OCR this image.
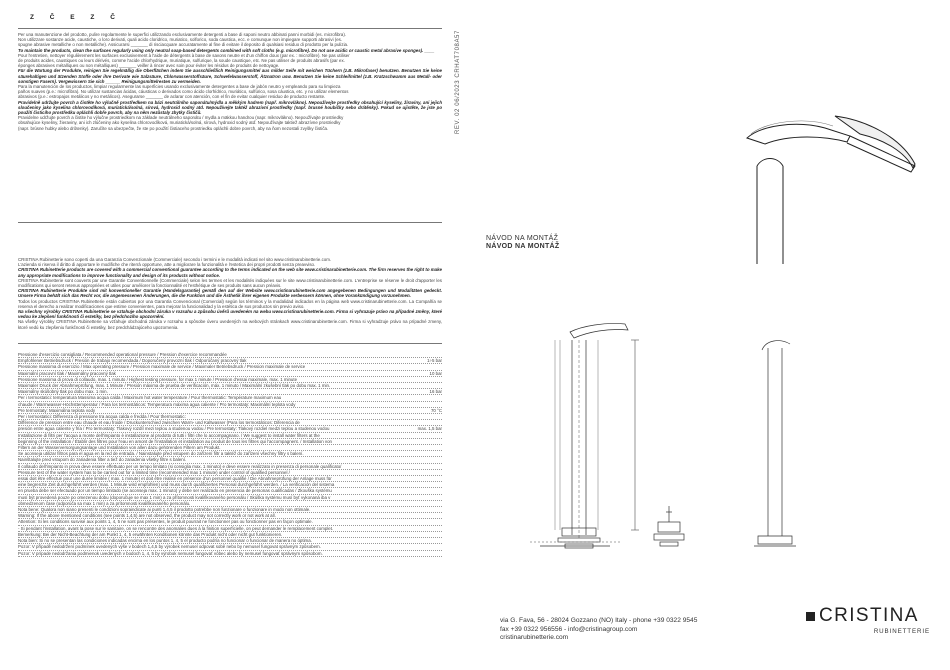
Z Č E Z Č

Per una manutenzione del prodotto, pulire regolarmente le superfici utilizzando esclusivamente detergenti a base di saponi neutro abbinati panni morbidi (es. microfibra).

Non utilizzare sostanze acide, caustiche, o loro derivati, quali acido cloridrico, muriatico, solforico, soda caustica, ecc. e comunque non impiegare supporti abrasivi (es.

spugne abrasive metalliche o non metalliche). Assicurarsi _______ di risciacquare accuratamente al fine di evitare il deposito di qualsiasi residuo di prodotto per la pulizia.

To maintain the products, clean the surfaces regularly using only neutral soap-based detergents combined with soft cloths (e.g. microfibre). Do not use acidic or caustic metal abrasive sponges). ____

Pour l'entretien, nettoyer régulièrement les surfaces exclusivement à l'aide de détergents à base de savons neutre et d'un chiffon doux (par ex. : microfibre). Ne pas utiliser

de produits acides, caustiques ou leurs dérivés, comme l'acide chlorhydrique, muriatique, sulfurique, la soude caustique, etc. Ne pas utiliser de produits abrasifs (par ex.

éponges abrasives métalliques ou non métalliques) _______ veiller à rincer avec soin pour éviter les résidus de produits de nettoyage.

Für die Wartung der Produkte, reinigen Sie regelmäßig die Oberflächen indem Sie ausschließlich Reinigungsmittel aus milder Seife mit weichen Tüchern (z.B. Mikrofaser) benutzen. Benutzen Sie keine säurehaltigen und ätzenden Stoffe oder ihre Derivate wie Salzsäure, Chlorwasserstoffsäure, Schwefelwasserstoff, Ätznatron usw. Benutzen Sie keine Schleifmittel (z.B. Kratzschwamm aus Metall- oder sonstigen Fasern). Vergewissern Sie sich ______ Reinigungsmittelresten zu vermeiden.

Para la manutención de los productos, limpiar regularmente las superficies usando exclusivamente detergentes a base de jabón neutro y empleando para su limpieza

paños suaves (p.e.: microfibra). No utilizar sustancias ácidas, cáusticas o derivados como ácido clorhídrico, muriático, sulfúrico, sosa cáustica, etc. y no utilizar elementos

abrasivos (p.e.: estropajos metálicos y no metálicos). Asegurarse _______ de aclarar con atención, con el fin de evitar cualquier residuo de producto restante.

Pravidelně udržujte povrch a čistěte ho výlučně prostředkem na bázi neutrálního saponátu/mýdla a měkkým hadrem (např. mikrovlákno). Nepoužívejte prostředky obsahující kyseliny, žíraviny, ani jejich sloučeniny jako kyselina chlorovodíková, muriatická/solná, sírová, hydroxid sodný atd. Nepoužívejte taktéž abrazivní prostředky (např. brusné houbičky nebo drátěnky). Pokud se ujistěte, že jste po použití čisticího prostředku opláchli dobře povrch, aby na něm nezůstaly zbytky čističů.

Pravidelne udržujte povrch a čistite ho výlučne prostriedkom na základe neutrálneho saponátu / mydla a mäkkou handrou (napr. mikrovlákno). Nepoužívajte prostriedky

obsahujúce kyseliny, žieraviny, ani ich zlúčeniny ako kyselina chlorovodíková, muriatická/solná, sírová, hydroxid sodný atď. Nepoužívajte taktiež abrazívne prostriedky

(napr. brúsne hubky alebo drôtenky). Zaručíte sa ubezpečte, že ste po použití čistiaceho prostriedku opláchli dobre povrch, aby na ňom nezostali zvyšky čističa.

CRISTINA Rubinetterie sono coperti da una Garanzia Convenzionale (Commerciale) secondo i termini e le modalità indicati nel sito www.cristinarubinetterie.com.

L'azienda si riserva il diritto di apportare le modifiche che riterrà opportune, atte a migliorare la funzionalità e l'estetica dei propri prodotti senza preavviso.

CRISTINA Rubinetterie products are covered with a commercial conventional guarantee according to the terms indicated on the web site www.cristinarubinetterie.com. The firm reserves the right to make any appropriate modifications to improve functionality and design of its products without notice.

CRISTINA Rubinetterie sont couverts par une Garantie Conventionnelle (Commerciale) selon les termes et les modalités indiquées sur le site www.cristinarubinetterie.com. L'entreprise se réserve le droit d'apporter les modifications qui seront retenus appropriées et utiles pour améliorer la fonctionnalité et l'esthétique de ses produits sans aucun préavis.

CRISTINA Rubinetterie Produkte sind mit konventioneller Garantie (Handelsgarantie) gemäß den auf der Website www.cristinarubinetterie.com angegebenen Bedingungen und Modalitäten gedeckt. Unsere Firma behält sich das Recht vor, die angemessenen Änderungen, die die Funktion und die Ästhetik ihrer eigenen Produkte verbessern können, ohne Vorankündigung vorzunehmen.

Todos los productos CRISTINA Rubinetterie están cubiertos por una Garantía Convencional (Comercial) según los términos y la modalidad indicados en la página web www.cristinarubinetterie.com. La Compañía se reserva el derecho a realizar modificaciones que estime convenientes, para mejorar la funcionalidad y la estética de sus productos sin previo aviso.

Na všechny výrobky CRISTINA Rubinetterie se vztahuje obchodní záruka v rozsahu a způsobu úvěrů uvedeném na webu www.cristinarubinetterie.com. Firma si vyhrazuje právo na případné změny, které vedou ke zlepšení funkčnosti či estetiky, bez předchozího upozornění.

Na všetky výrobky CRISTINA Rubinetterie sa vzťahuje obchodná záruka v rozsahu a spôsobe úveru uvedených na webových stránkach www.cristinarubinetterie.com. Firma si vyhradzuje právo na prípadné zmeny, ktoré vedú ku zlepšeniu funkčnosti či estetiky, bez predchádzajúceho upozornenia.

Pressione d'esercizio consigliata / Recommended operational pressure / Pression d'exercice recommandée
Empfohlener Betriebsdruck / Presión de trabajo recomendada / Doporučený provozní tlak / Odporúčaný pracovný tlak	1÷5 bar
Pressione massima di esercizio / Max operating pressure / Pression maximale de service / Maximaler Betriebsdruck / Pression maximale de service
Maximální pracovní tlak / Maximálny pracovný tlak	10 bar
Pressione massima di prova di collaudo, max. 1 minuto / Highest testing pressure, for max 1 minute / Pression d'essai maximale, max. 1 minute
Maximaler Druck der Abnahmeprüfung, max. 1 Minute / Presión máxima de prueba de verificación, máx. 1 minuto / Maximální zkušební tlak po dobu max. 1 min.
Maximálny skúšobný tlak po dobu max. 1 min.	16 bar
Per i termostatici: temperatura Massima acqua calda / Maximum hot water temperature / Pour thermostatic: Température maximum eau
chaude / Warmwasser-Höchsttemperatur / Para los termostáticos: Temperatura máxima agua caliente / Pro termostaty: Maximální teplota vody
Pre termostaty: Maximálna teplota vody	70 °C
Per i termostatici: Differenza di pressione tra acqua calda e fredda / Pour thermostatic:
Différence de pression entre eau chaude et eau froide / Druckunterschied zwischen Warm- und Kaltwasser (Para los termostáticos: Diferencia de
presión entre agua caliente y fría / Pro termostaty: Tlakový rozdíl mezi teplou a studenou vodou / Pre termostaty: Tlakový rozdiel medzi teplou a studenou vodou	max. 1,5 bar
Installazione di filtri per l'acqua a monte dell'impianto è installazione al prodotto di tutti i filtri che lo accompagnano. / We suggest to install water filters at the
beginning of the installation / Établir des filtres pour l'eau en amont de l'installation et installation au produit de tous les filtres qui l'accompagnent. / Installation von
Filtern an der Wasserversorgungsanlage und Installation von allen dazu gehörenden Filtern am Produkt.
Se aconseja utilizar filtros para el agua en la red de entrada. / Nainstalujte před vstupem do zařízení filtr a taktéž do zařízení všechny filtry s balení.
Nainštalujte pred vstupom do zariadenia filter a tiež do zariadenia všetky filtre s balení.
Il collaudo dell'impianto in prova deve essere effettuato per un tempo limitato (si consiglia max. 1 minuto) e deve essere realizzato in presenza di personale qualificato/
Pressure test of the water system has to be carried out for a limited time (recommended max 1 minute) under control of qualified personnel /
essai doit être effectué pour une durée limitée ( max. 1 minute) et doit être réalisé en présence d'un personnel qualifié / Die Abnahmeprüfung der Anlage muss für
eine begrenzte Zeit durchgeführt werden (max. 1 Minute wird empfohlen) und muss durch qualifiziertes Personal durchgeführt werden. / La verificación del sistema
en prueba debe ser efectuado por un tiempo limitado (se aconseja max. 1 minuto) y debe ser realizado en presencia de personas cualificadas / Zkouška systému
musí být provedená pouze po omezenou dobu (doporučuje se max 1 min) a za přítomnosti kvalifikovaného personálu / Skúška systému musí byť vykonaná iba v
obmedzenom čase (odporúča sa max 1 min) a za prítomnosti kvalifikovaného personálu.
Nota bene: Qualora non siano presenti le condizioni sopraindicate ai punti 1,4,5 il prodotto potrebbe non funzionare o funzionare in modo non ottimale.
Warning: If the above mentioned conditions (see points 1,4,5) are not observed, the product may not correctly work or not work at all.
Attention: Si les conditions susvisé aux points 1, 4, 5 ne sont pas présentes, le produit pourrait ne fonctionner pas ou fonctionner pas en façon optimale.
- Si pendant l'installation, avant la pose sur le sanitaire, on se rencontre des anomalies dues à la finition superficielle, on peut demander le remplacement complet.
Bemerkung: Bei der Nicht-Beachtung der am Punkt 1, 4, 5 erwähnten Konditionen könnte das Produkt nicht oder nicht gut funktionieren.
Nota bien: Si no se presentan las condiciones indicadas encima en los puntos 1, 4, 5 el producto podría no funcionar o funcionar de manera no óptima.
Pozor: V případě nedodržení podmínek uvedených výše v bodech 1,4,5 by výrobek nemusel odpovat sobě nebo by nemusel fungovat správným způsobem.
Pozor: V prípade nedodržania podmienok uvedených v bodoch 1, 4, 5 by výrobok nemusel fungovať vôbec alebo by nemusel fungovať správnym spôsobom.
REV. 02 06/2023 CRHAT708A57
NÁVOD NA MONTÁŽ
NÁVOD NA MONTÁŽ
via G. Fava, 56 - 28024 Gozzano (NO) Italy - phone +39 0322 9545
fax +39 0322 956556 - info@cristinagroup.com
cristinarubinetterie.com
CRISTINA
RUBINETTERIE
